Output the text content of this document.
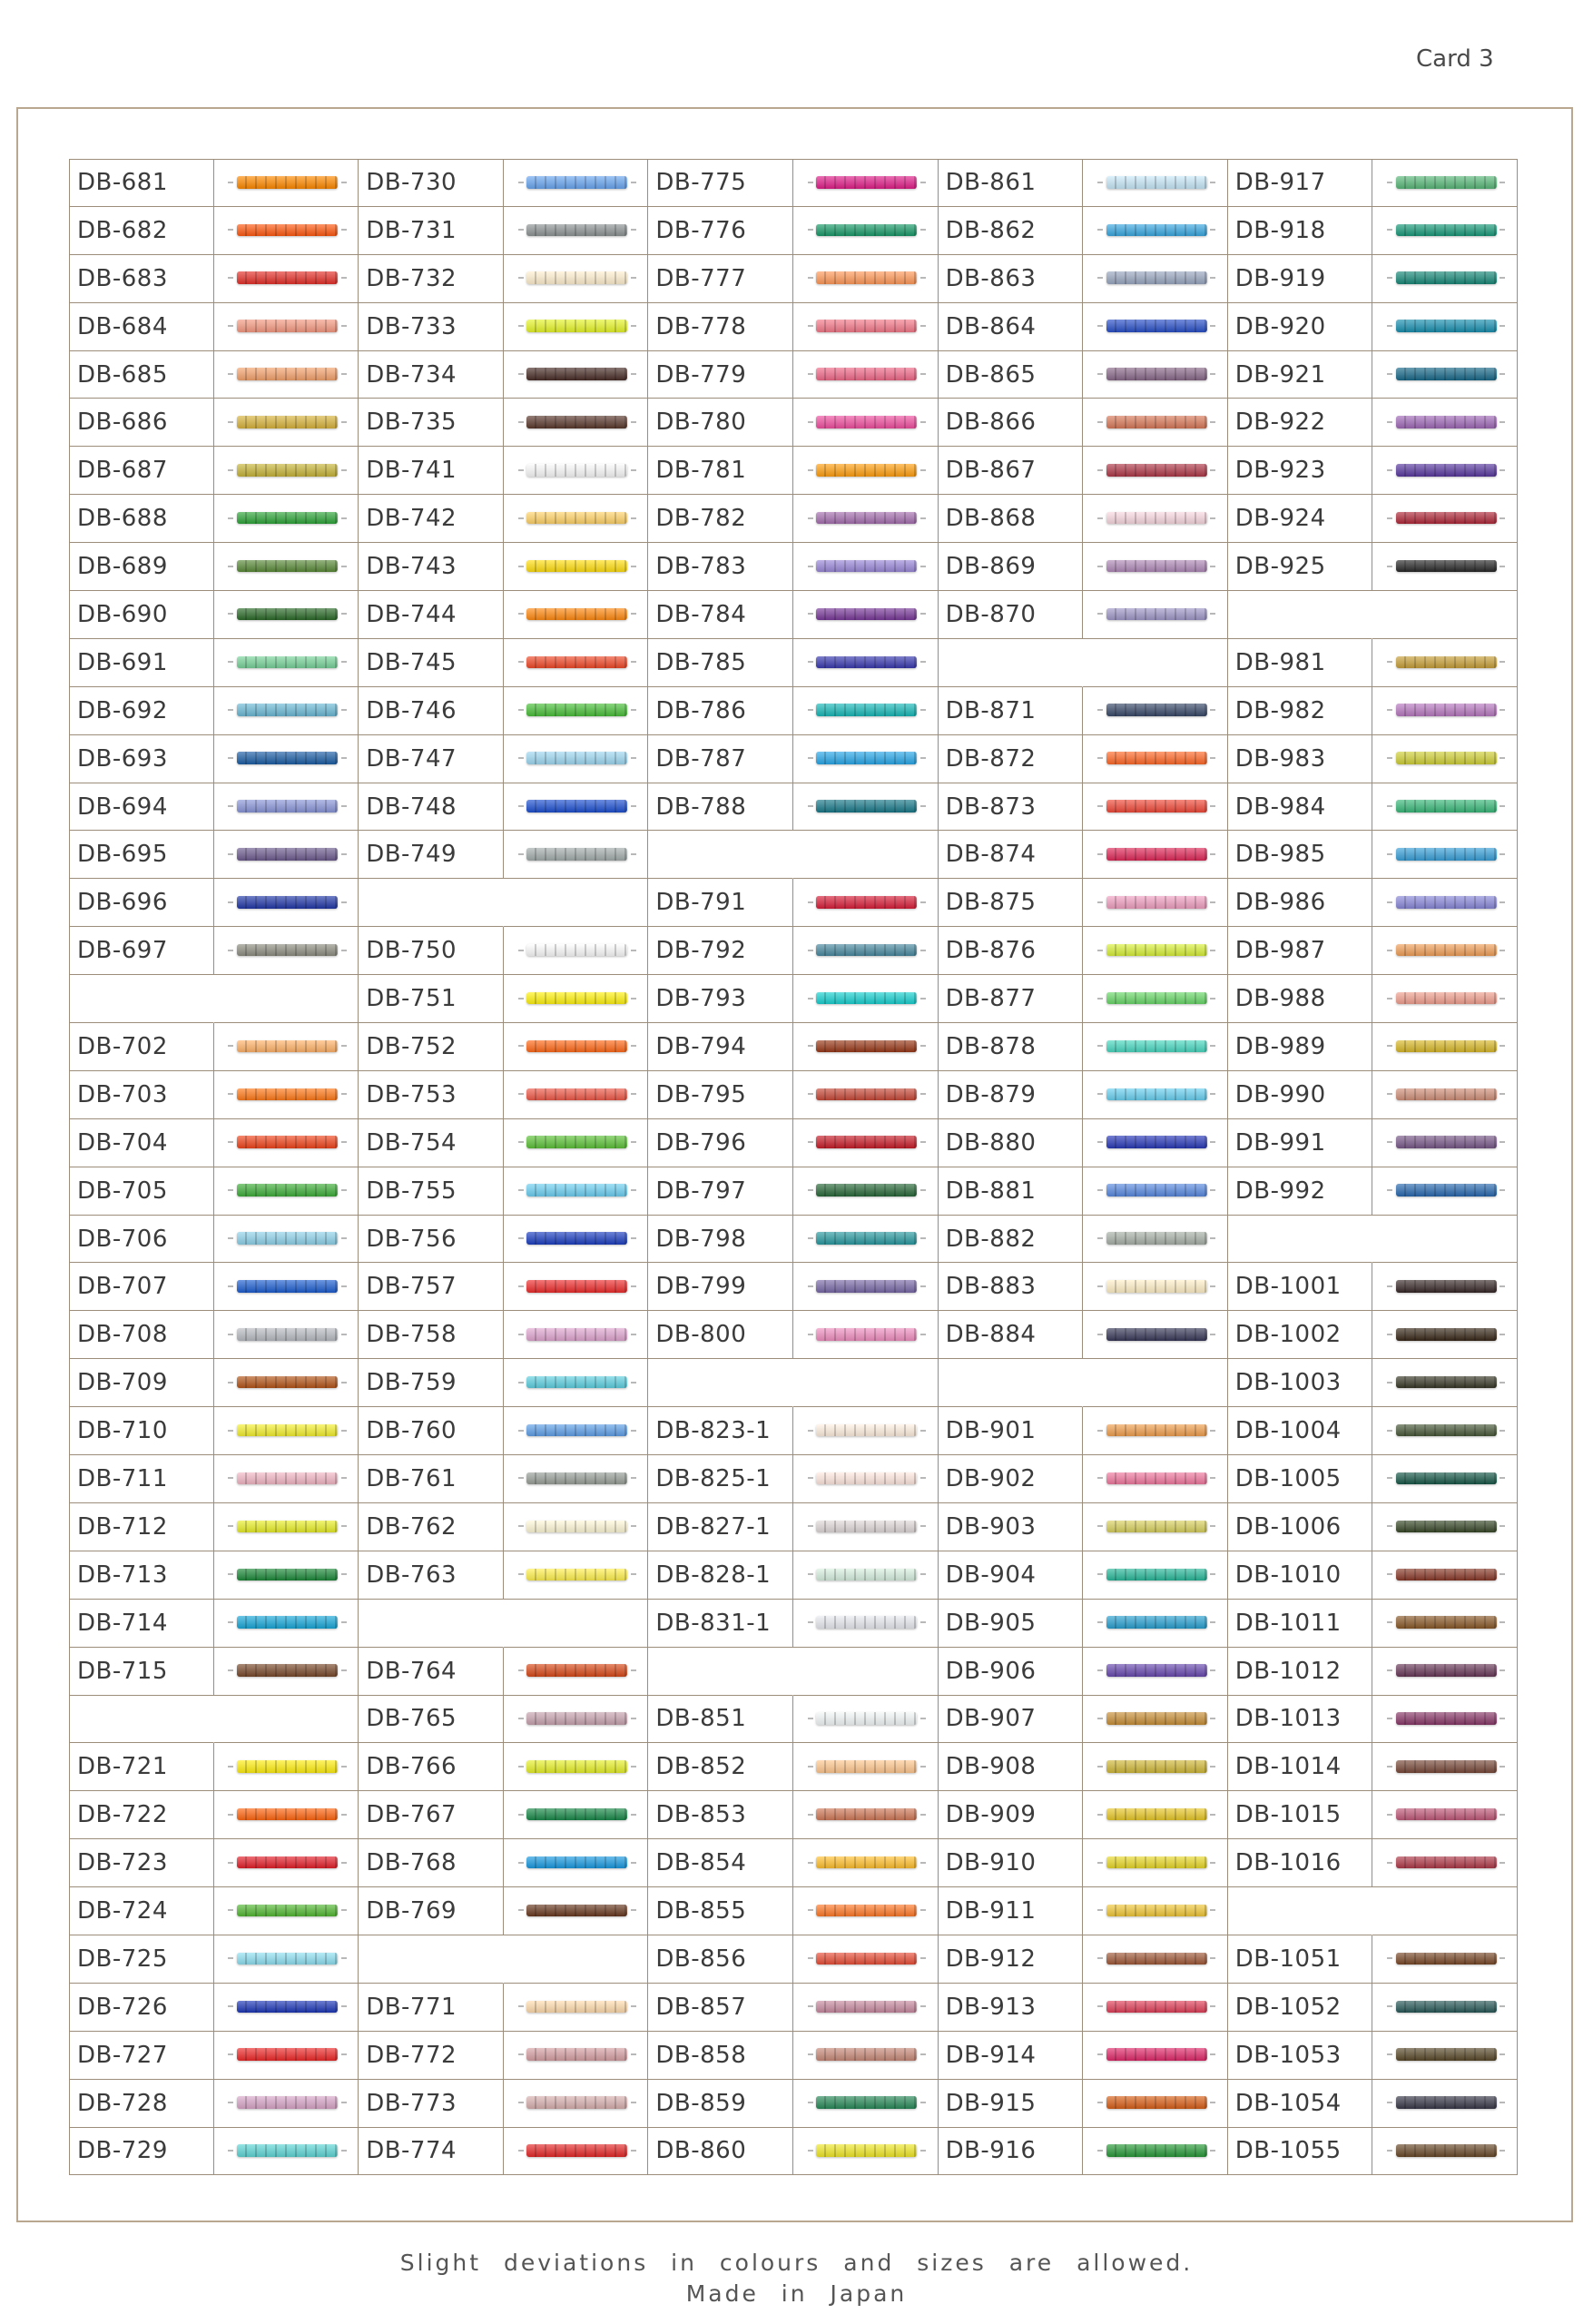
Card 3
DB-681
DB-682
DB-683
DB-684
DB-685
DB-686
DB-687
DB-688
DB-689
DB-690
DB-691
DB-692
DB-693
DB-694
DB-695
DB-696
DB-697
DB-702
DB-703
DB-704
DB-705
DB-706
DB-707
DB-708
DB-709
DB-710
DB-711
DB-712
DB-713
DB-714
DB-715
DB-721
DB-722
DB-723
DB-724
DB-725
DB-726
DB-727
DB-728
DB-729
DB-730
DB-731
DB-732
DB-733
DB-734
DB-735
DB-741
DB-742
DB-743
DB-744
DB-745
DB-746
DB-747
DB-748
DB-749
DB-750
DB-751
DB-752
DB-753
DB-754
DB-755
DB-756
DB-757
DB-758
DB-759
DB-760
DB-761
DB-762
DB-763
DB-764
DB-765
DB-766
DB-767
DB-768
DB-769
DB-771
DB-772
DB-773
DB-774
DB-775
DB-776
DB-777
DB-778
DB-779
DB-780
DB-781
DB-782
DB-783
DB-784
DB-785
DB-786
DB-787
DB-788
DB-791
DB-792
DB-793
DB-794
DB-795
DB-796
DB-797
DB-798
DB-799
DB-800
DB-823-1
DB-825-1
DB-827-1
DB-828-1
DB-831-1
DB-851
DB-852
DB-853
DB-854
DB-855
DB-856
DB-857
DB-858
DB-859
DB-860
DB-861
DB-862
DB-863
DB-864
DB-865
DB-866
DB-867
DB-868
DB-869
DB-870
DB-871
DB-872
DB-873
DB-874
DB-875
DB-876
DB-877
DB-878
DB-879
DB-880
DB-881
DB-882
DB-883
DB-884
DB-901
DB-902
DB-903
DB-904
DB-905
DB-906
DB-907
DB-908
DB-909
DB-910
DB-911
DB-912
DB-913
DB-914
DB-915
DB-916
DB-917
DB-918
DB-919
DB-920
DB-921
DB-922
DB-923
DB-924
DB-925
DB-981
DB-982
DB-983
DB-984
DB-985
DB-986
DB-987
DB-988
DB-989
DB-990
DB-991
DB-992
DB-1001
DB-1002
DB-1003
DB-1004
DB-1005
DB-1006
DB-1010
DB-1011
DB-1012
DB-1013
DB-1014
DB-1015
DB-1016
DB-1051
DB-1052
DB-1053
DB-1054
DB-1055
Slight deviations in colours and sizes are allowed.
Made in Japan
